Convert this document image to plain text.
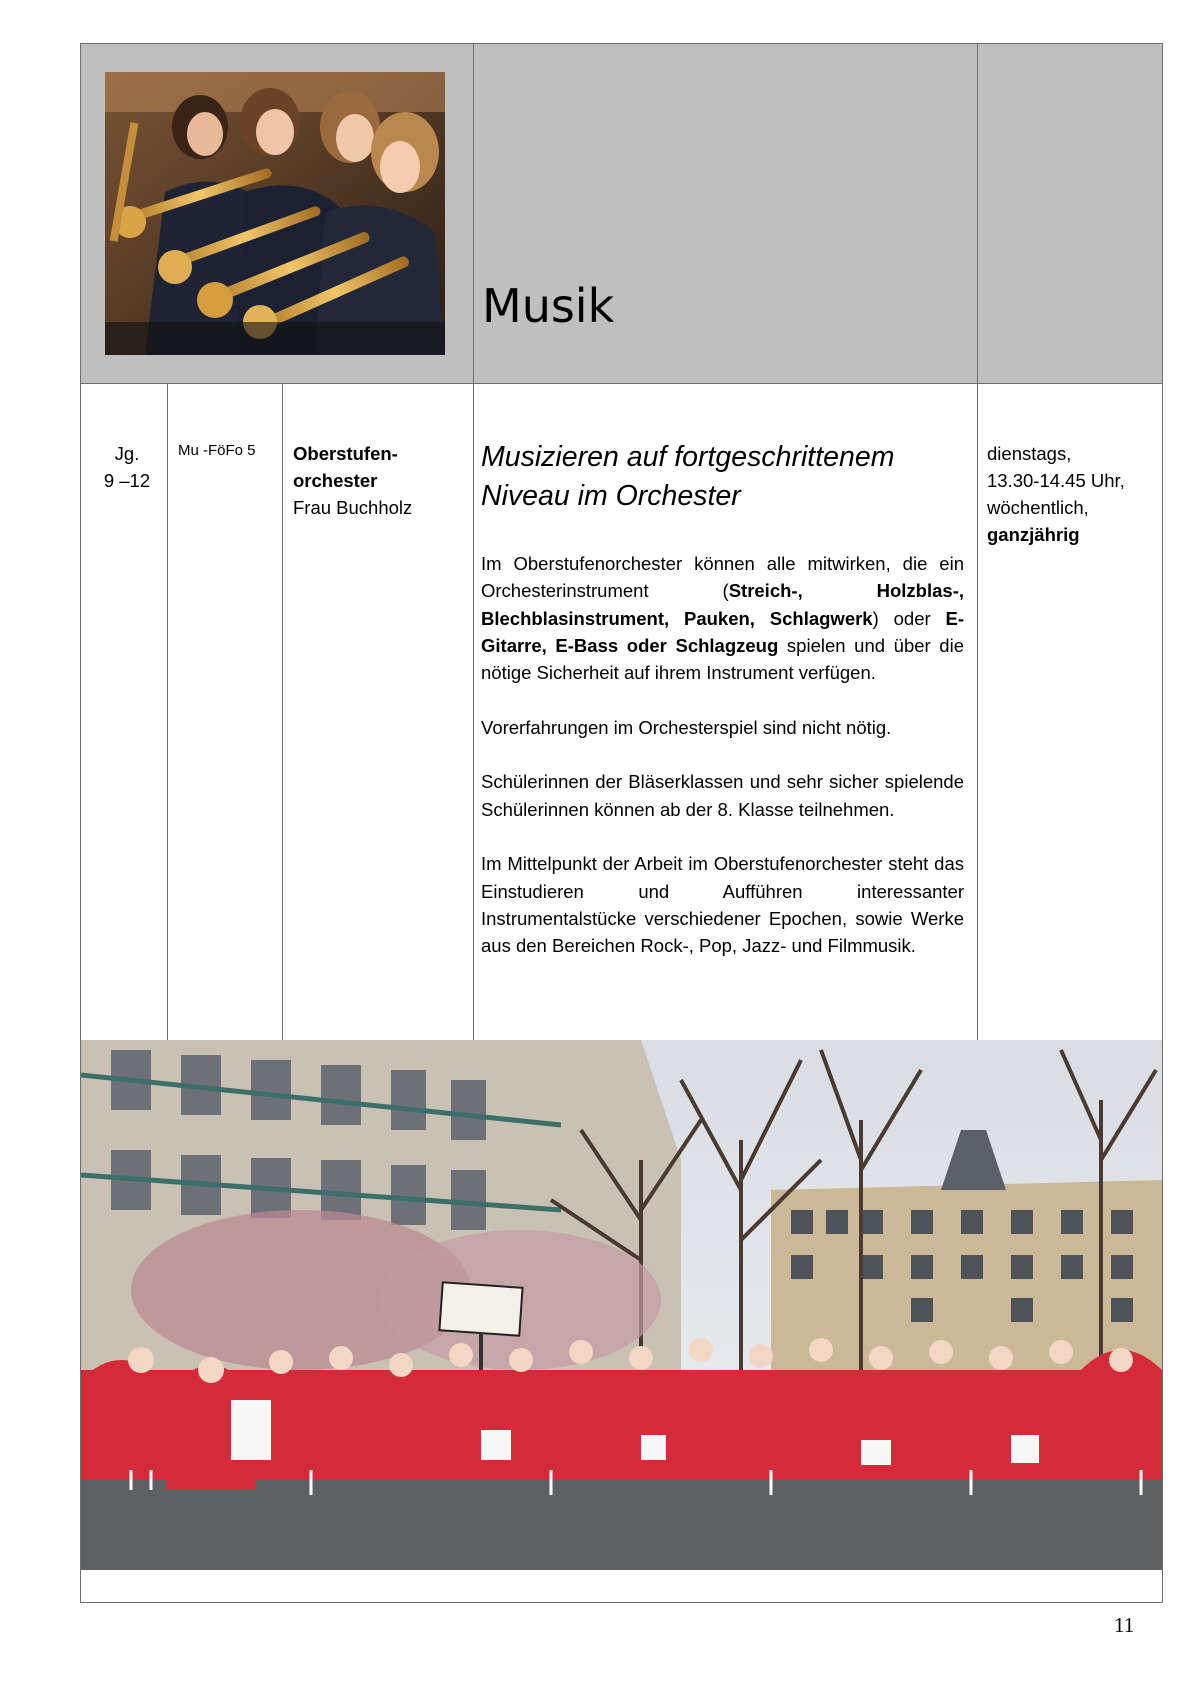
Musik
Jg.
9 –12
Mu -FöFo 5 Oberstufen-
orchester
Frau Buchholz
Musizieren auf fortgeschrittenem
Niveau im Orchester

Im Oberstufenorchester können alle mitwirken, die ein Orchesterinstrument (Streich-, Holzblas-, Blechblasinstrument, Pauken, Schlagwerk) oder E-Gitarre, E-Bass oder Schlagzeug spielen und über die nötige Sicherheit auf ihrem Instrument verfügen.

Vorerfahrungen im Orchesterspiel sind nicht nötig.

Schülerinnen der Bläserklassen und sehr sicher spielende Schülerinnen können ab der 8. Klasse teilnehmen.

Im Mittelpunkt der Arbeit im Oberstufenorchester steht das Einstudieren und Aufführen interessanter Instrumentalstücke verschiedener Epochen, sowie Werke aus den Bereichen Rock-, Pop, Jazz- und Filmmusik.

dienstags,
13.30-14.45 Uhr,
wöchentlich,
ganzjährig
11
